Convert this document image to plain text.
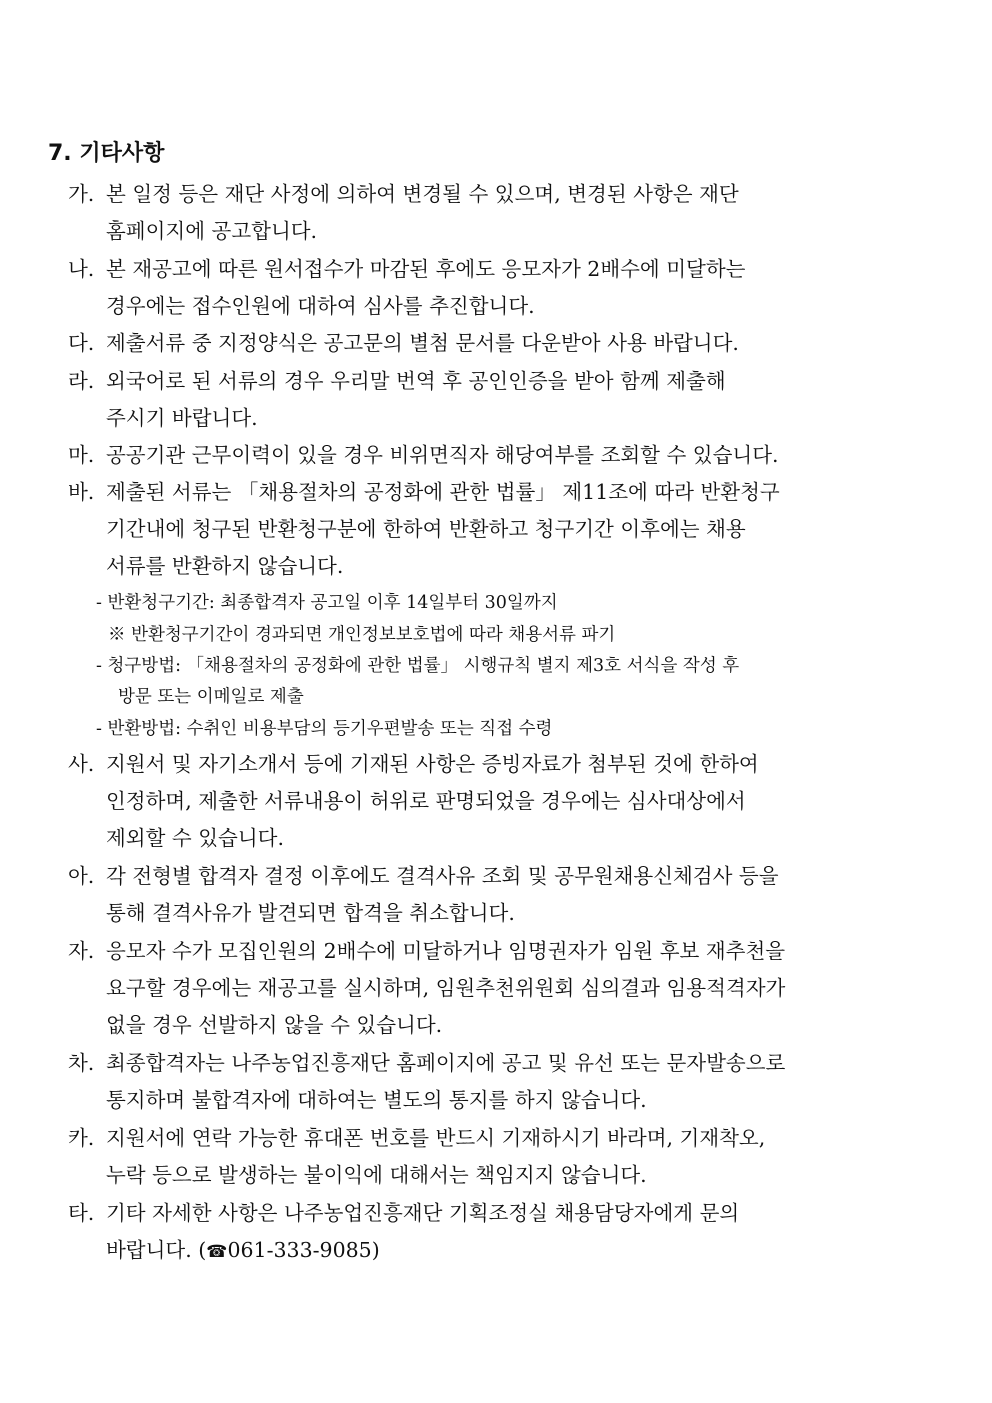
7. 기타사항
가. 본 일정 등은 재단 사정에 의하여 변경될 수 있으며, 변경된 사항은 재단
홈페이지에 공고합니다.
나. 본 재공고에 따른 원서접수가 마감된 후에도 응모자가 2배수에 미달하는
경우에는 접수인원에 대하여 심사를 추진합니다.
다. 제출서류 중 지정양식은 공고문의 별첨 문서를 다운받아 사용 바랍니다.
라. 외국어로 된 서류의 경우 우리말 번역 후 공인인증을 받아 함께 제출해
주시기 바랍니다.
마. 공공기관 근무이력이 있을 경우 비위면직자 해당여부를 조회할 수 있습니다.
바. 제출된 서류는 「채용절차의 공정화에 관한 법률」 제11조에 따라 반환청구
기간내에 청구된 반환청구분에 한하여 반환하고 청구기간 이후에는 채용
서류를 반환하지 않습니다.
- 반환청구기간: 최종합격자 공고일 이후 14일부터 30일까지
※ 반환청구기간이 경과되면 개인정보보호법에 따라 채용서류 파기
- 청구방법: 「채용절차의 공정화에 관한 법률」 시행규칙 별지 제3호 서식을 작성 후
방문 또는 이메일로 제출
- 반환방법: 수취인 비용부담의 등기우편발송 또는 직접 수령
사. 지원서 및 자기소개서 등에 기재된 사항은 증빙자료가 첨부된 것에 한하여
인정하며, 제출한 서류내용이 허위로 판명되었을 경우에는 심사대상에서
제외할 수 있습니다.
아. 각 전형별 합격자 결정 이후에도 결격사유 조회 및 공무원채용신체검사 등을
통해 결격사유가 발견되면 합격을 취소합니다.
자. 응모자 수가 모집인원의 2배수에 미달하거나 임명권자가 임원 후보 재추천을
요구할 경우에는 재공고를 실시하며, 임원추천위원회 심의결과 임용적격자가
없을 경우 선발하지 않을 수 있습니다.
차. 최종합격자는 나주농업진흥재단 홈페이지에 공고 및 유선 또는 문자발송으로
통지하며 불합격자에 대하여는 별도의 통지를 하지 않습니다.
카. 지원서에 연락 가능한 휴대폰 번호를 반드시 기재하시기 바라며, 기재착오,
누락 등으로 발생하는 불이익에 대해서는 책임지지 않습니다.
타. 기타 자세한 사항은 나주농업진흥재단 기획조정실 채용담당자에게 문의
바랍니다. (☎061-333-9085)
